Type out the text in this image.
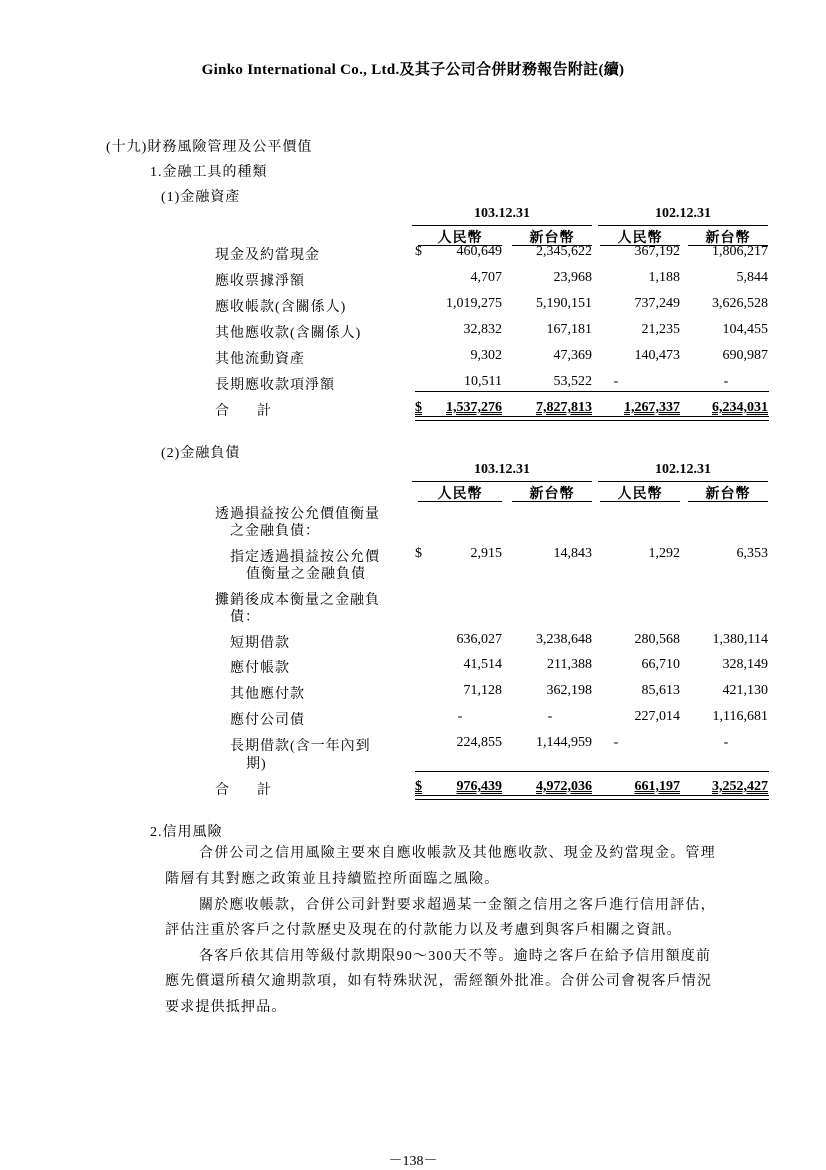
Ginko International Co., Ltd.及其子公司合併財務報告附註(續)
(十九)財務風險管理及公平價值
1.金融工具的種類
(1)金融資產
103.12.31	102.12.31
人民幣	新台幣	人民幣	新台幣
現金及約當現金	$	460,649	2,345,622	367,192	1,806,217
應收票據淨額	4,707	23,968	1,188	5,844
應收帳款(含關係人)	1,019,275	5,190,151	737,249	3,626,528
其他應收款(含關係人)	32,832	167,181	21,235	104,455
其他流動資產	9,302	47,369	140,473	690,987
長期應收款項淨額	10,511	53,522	-	-
合　　計	$	1,537,276	7,827,813	1,267,337	6,234,031
(2)金融負債
103.12.31	102.12.31
人民幣	新台幣	人民幣	新台幣
透過損益按公允價值衡量
之金融負債：
指定透過損益按公允價
值衡量之金融負債
$	2,915	14,843	1,292	6,353
攤銷後成本衡量之金融負
債：
短期借款	636,027	3,238,648	280,568	1,380,114
應付帳款	41,514	211,388	66,710	328,149
其他應付款	71,128	362,198	85,613	421,130
應付公司債	-	-	227,014	1,116,681
長期借款(含一年內到
期)
224,855	1,144,959	-	-
合　　計	$	976,439	4,972,036	661,197	3,252,427
2.信用風險
合併公司之信用風險主要來自應收帳款及其他應收款、現金及約當現金。管理
階層有其對應之政策並且持續監控所面臨之風險。
關於應收帳款，合併公司針對要求超過某一金額之信用之客戶進行信用評估，
評估注重於客戶之付款歷史及現在的付款能力以及考慮到與客戶相關之資訊。
各客戶依其信用等級付款期限90～300天不等。逾時之客戶在給予信用額度前
應先償還所積欠逾期款項，如有特殊狀況，需經額外批准。合併公司會視客戶情況
要求提供抵押品。
－138－
